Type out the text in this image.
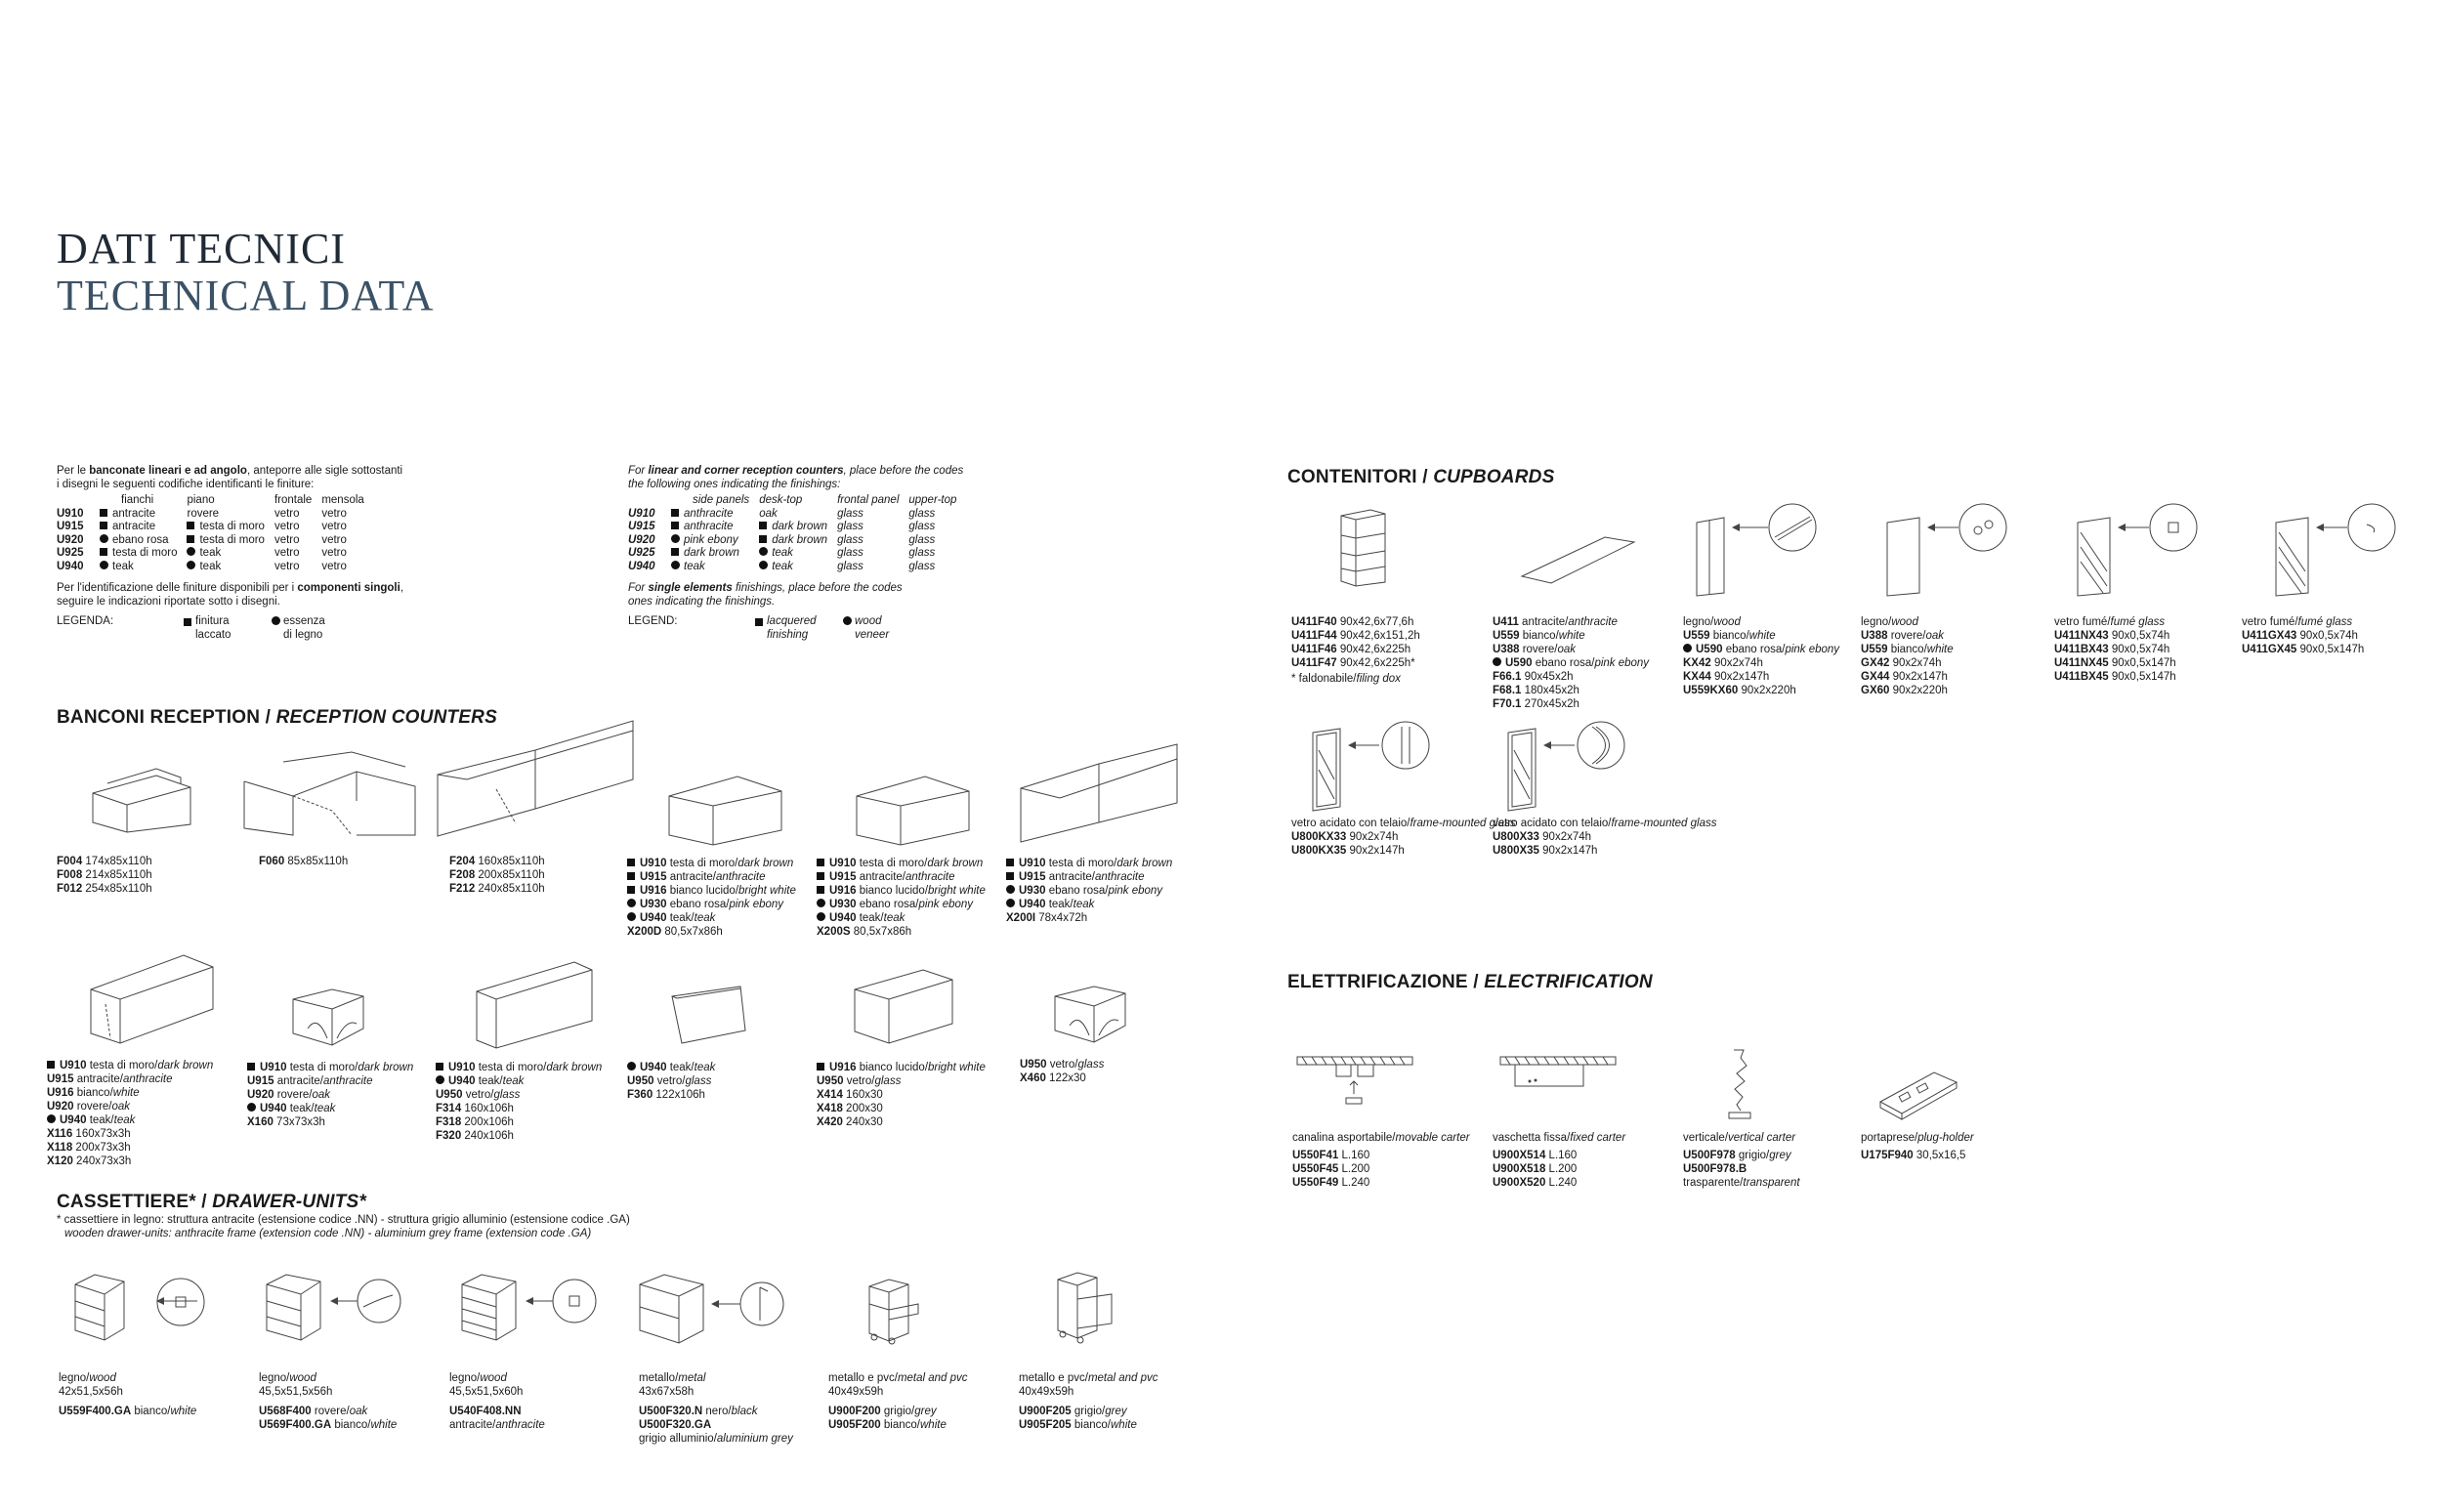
DATI TECNICI
TECHNICAL DATA
Per le banconate lineari e ad angolo, anteporre alle sigle sottostanti
i disegni le seguenti codifiche identificanti le finiture:
	fianchi	piano	frontale	mensola
U910	antracite	rovere	vetro	vetro
U915	antracite	testa di moro	vetro	vetro
U920	ebano rosa	testa di moro	vetro	vetro
U925	testa di moro	teak	vetro	vetro
U940	teak	teak	vetro	vetro
Per l'identificazione delle finiture disponibili per i componenti singoli,
seguire le indicazioni riportate sotto i disegni.
LEGENDA:	finitura
laccato
essenza
di legno
For linear and corner reception counters, place before the codes
the following ones indicating the finishings:
	side panels	desk-top	frontal panel	upper-top
U910	anthracite	oak	glass	glass
U915	anthracite	dark brown	glass	glass
U920	pink ebony	dark brown	glass	glass
U925	dark brown	teak	glass	glass
U940	teak	teak	glass	glass
For single elements finishings, place before the codes
ones indicating the finishings.
LEGEND:	lacquered
finishing
wood
veneer
BANCONI RECEPTION / RECEPTION COUNTERS
CASSETTIERE* / DRAWER-UNITS*
* cassettiere in legno: struttura antracite (estensione codice .NN) - struttura grigio alluminio (estensione codice .GA)
wooden drawer-units: anthracite frame (extension code .NN) - aluminium grey frame (extension code .GA)
CONTENITORI / CUPBOARDS
ELETTRIFICAZIONE / ELECTRIFICATION
F004 174x85x110h
F008 214x85x110h
F012 254x85x110h
F060 85x85x110h	F204 160x85x110h
F208 200x85x110h
F212 240x85x110h
U910 testa di moro/dark brown
U915 antracite/anthracite
U916 bianco lucido/bright white
U930 ebano rosa/pink ebony
U940 teak/teak
X200D 80,5x7x86h
U910 testa di moro/dark brown
U915 antracite/anthracite
U916 bianco lucido/bright white
U930 ebano rosa/pink ebony
U940 teak/teak
X200S 80,5x7x86h
U910 testa di moro/dark brown
U915 antracite/anthracite
U930 ebano rosa/pink ebony
U940 teak/teak
X200I 78x4x72h
U910 testa di moro/dark brown
U915 antracite/anthracite
U916 bianco/white
U920 rovere/oak
U940 teak/teak
X116 160x73x3h
X118 200x73x3h
X120 240x73x3h
U910 testa di moro/dark brown
U915 antracite/anthracite
U920 rovere/oak
U940 teak/teak
X160 73x73x3h
U910 testa di moro/dark brown
U940 teak/teak
U950 vetro/glass
F314 160x106h
F318 200x106h
F320 240x106h
U940 teak/teak
U950 vetro/glass
F360 122x106h
U916 bianco lucido/bright white
U950 vetro/glass
X414 160x30
X418 200x30
X420 240x30
U950 vetro/glass
X460 122x30
legno/wood
42x51,5x56h
U559F400.GA bianco/white
legno/wood
45,5x51,5x56h
U568F400 rovere/oak
U569F400.GA bianco/white
legno/wood
45,5x51,5x60h
U540F408.NN
antracite/anthracite
metallo/metal
43x67x58h
U500F320.N nero/black
U500F320.GA
grigio alluminio/aluminium grey
metallo e pvc/metal and pvc
40x49x59h
U900F200 grigio/grey
U905F200 bianco/white
metallo e pvc/metal and pvc
40x49x59h
U900F205 grigio/grey
U905F205 bianco/white
U411F40 90x42,6x77,6h
U411F44 90x42,6x151,2h
U411F46 90x42,6x225h
U411F47 90x42,6x225h*
* faldonabile/filing dox
U411 antracite/anthracite
U559 bianco/white
U388 rovere/oak
U590 ebano rosa/pink ebony
F66.1 90x45x2h
F68.1 180x45x2h
F70.1 270x45x2h
legno/wood
U559 bianco/white
U590 ebano rosa/pink ebony
KX42 90x2x74h
KX44 90x2x147h
U559KX60 90x2x220h
legno/wood
U388 rovere/oak
U559 bianco/white
GX42 90x2x74h
GX44 90x2x147h
GX60 90x2x220h
vetro fumé/fumé glass
U411NX43 90x0,5x74h
U411BX43 90x0,5x74h
U411NX45 90x0,5x147h
U411BX45 90x0,5x147h
vetro fumé/fumé glass
U411GX43 90x0,5x74h
U411GX45 90x0,5x147h
vetro acidato con telaio/frame-mounted glass
U800KX33 90x2x74h
U800KX35 90x2x147h
vetro acidato con telaio/frame-mounted glass
U800X33 90x2x74h
U800X35 90x2x147h
canalina asportabile/movable carter
U550F41 L.160
U550F45 L.200
U550F49 L.240
vaschetta fissa/fixed carter
U900X514 L.160
U900X518 L.200
U900X520 L.240
verticale/vertical carter
U500F978 grigio/grey
U500F978.B
trasparente/transparent
portaprese/plug-holder
U175F940 30,5x16,5
